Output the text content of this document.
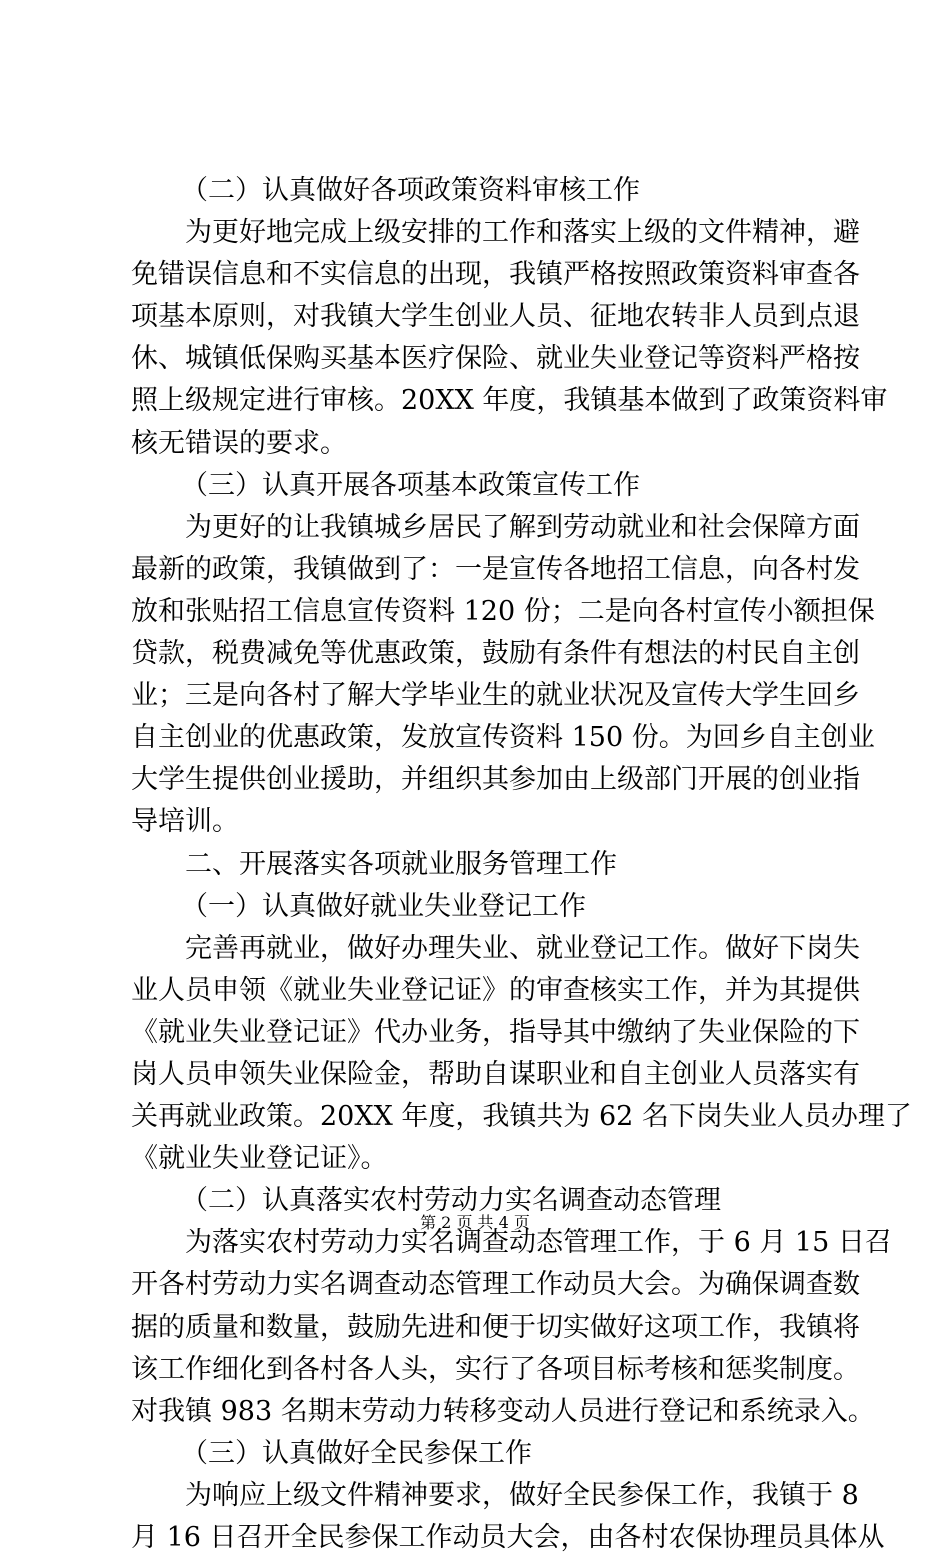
（二）认真做好各项政策资料审核工作
为更好地完成上级安排的工作和落实上级的文件精神，避
免错误信息和不实信息的出现，我镇严格按照政策资料审查各
项基本原则，对我镇大学生创业人员、征地农转非人员到点退
休、城镇低保购买基本医疗保险、就业失业登记等资料严格按
照上级规定进行审核。20XX 年度，我镇基本做到了政策资料审
核无错误的要求。
（三）认真开展各项基本政策宣传工作
为更好的让我镇城乡居民了解到劳动就业和社会保障方面
最新的政策，我镇做到了：一是宣传各地招工信息，向各村发
放和张贴招工信息宣传资料 120 份；二是向各村宣传小额担保
贷款，税费减免等优惠政策，鼓励有条件有想法的村民自主创
业；三是向各村了解大学毕业生的就业状况及宣传大学生回乡
自主创业的优惠政策，发放宣传资料 150 份。为回乡自主创业
大学生提供创业援助，并组织其参加由上级部门开展的创业指
导培训。
二、开展落实各项就业服务管理工作
（一）认真做好就业失业登记工作
完善再就业，做好办理失业、就业登记工作。做好下岗失
业人员申领《就业失业登记证》的审查核实工作，并为其提供
《就业失业登记证》代办业务，指导其中缴纳了失业保险的下
岗人员申领失业保险金，帮助自谋职业和自主创业人员落实有
关再就业政策。20XX 年度，我镇共为 62 名下岗失业人员办理了
《就业失业登记证》。
（二）认真落实农村劳动力实名调查动态管理
为落实农村劳动力实名调查动态管理工作，于 6 月 15 日召
开各村劳动力实名调查动态管理工作动员大会。为确保调查数
据的质量和数量，鼓励先进和便于切实做好这项工作，我镇将
该工作细化到各村各人头，实行了各项目标考核和惩奖制度。
对我镇 983 名期末劳动力转移变动人员进行登记和系统录入。
（三）认真做好全民参保工作
为响应上级文件精神要求，做好全民参保工作，我镇于 8
月 16 日召开全民参保工作动员大会，由各村农保协理员具体从
第 2 页 共 4 页
